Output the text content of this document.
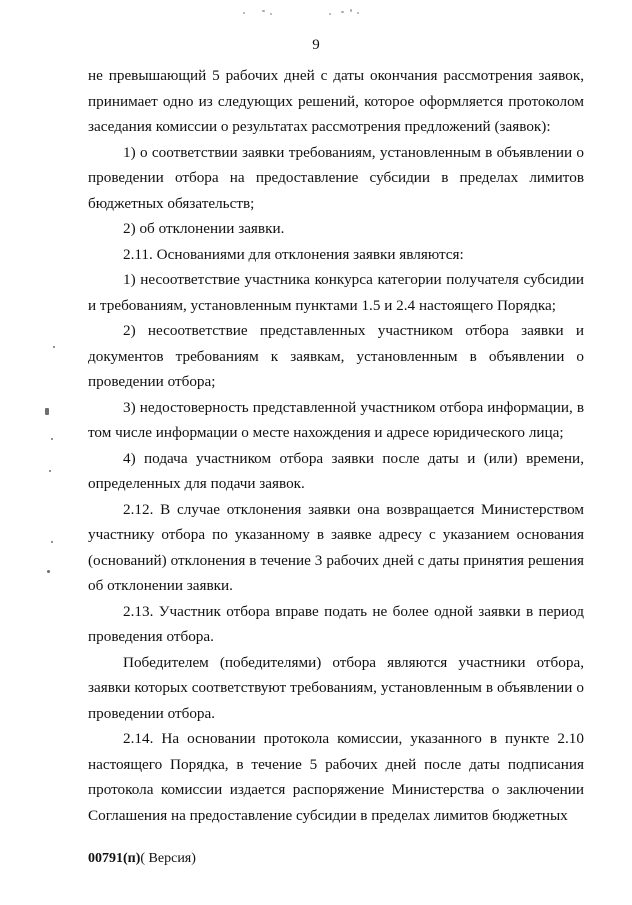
9

не превышающий 5 рабочих дней с даты окончания рассмотрения заявок, принимает одно из следующих решений, которое оформляется протоколом заседания комиссии о результатах рассмотрения предложений (заявок):

1) о соответствии заявки требованиям, установленным в объявлении о проведении отбора на предоставление субсидии в пределах лимитов бюджетных обязательств;

2) об отклонении заявки.

2.11. Основаниями для отклонения заявки являются:

1) несоответствие участника конкурса категории получателя субсидии и требованиям, установленным пунктами 1.5 и 2.4 настоящего Порядка;

2) несоответствие представленных участником отбора заявки и документов требованиям к заявкам, установленным в объявлении о проведении отбора;

3) недостоверность представленной участником отбора информации, в том числе информации о месте нахождения и адресе юридического лица;

4) подача участником отбора заявки после даты и (или) времени, определенных для подачи заявок.

2.12. В случае отклонения заявки она возвращается Министерством участнику отбора по указанному в заявке адресу с указанием основания (оснований) отклонения в течение 3 рабочих дней с даты принятия решения об отклонении заявки.

2.13. Участник отбора вправе подать не более одной заявки в период проведения отбора.

Победителем (победителями) отбора являются участники отбора, заявки которых соответствуют требованиям, установленным в объявлении о проведении отбора.

2.14. На основании протокола комиссии, указанного в пункте 2.10 настоящего Порядка, в течение 5 рабочих дней после даты подписания протокола комиссии издается распоряжение Министерства о заключении Соглашения на предоставление субсидии в пределах лимитов бюджетных

00791(п)( Версия)
